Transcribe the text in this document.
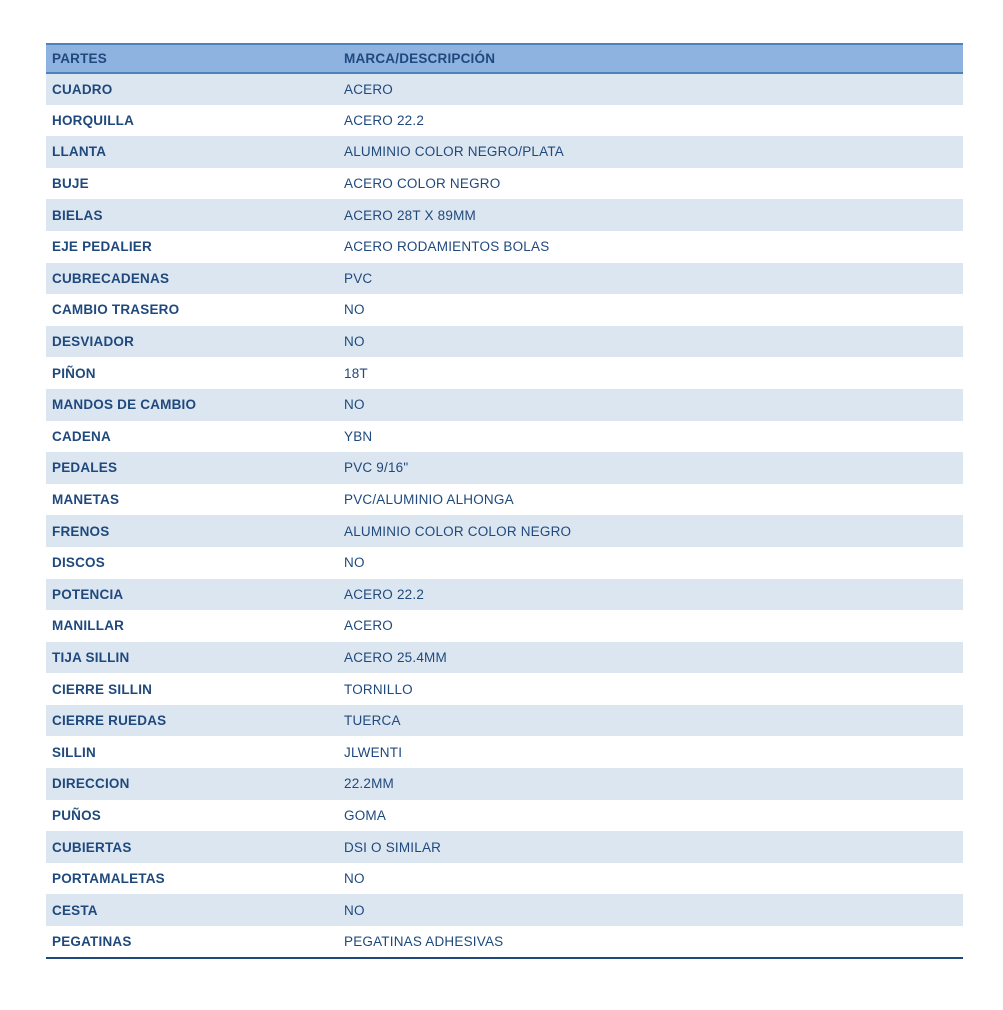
PARTES	MARCA/DESCRIPCIÓN
CUADRO	ACERO
HORQUILLA	ACERO 22.2
LLANTA	ALUMINIO COLOR NEGRO/PLATA
BUJE	ACERO COLOR NEGRO
BIELAS	ACERO 28T X 89MM
EJE PEDALIER	ACERO RODAMIENTOS BOLAS
CUBRECADENAS	PVC
CAMBIO TRASERO	NO
DESVIADOR	NO
PIÑON	18T
MANDOS DE CAMBIO	NO
CADENA	YBN
PEDALES	PVC 9/16"
MANETAS	PVC/ALUMINIO ALHONGA
FRENOS	ALUMINIO COLOR COLOR NEGRO
DISCOS	NO
POTENCIA	ACERO 22.2
MANILLAR	ACERO
TIJA SILLIN	ACERO 25.4MM
CIERRE SILLIN	TORNILLO
CIERRE RUEDAS	TUERCA
SILLIN	JLWENTI
DIRECCION	22.2MM
PUÑOS	GOMA
CUBIERTAS	DSI O SIMILAR
PORTAMALETAS	NO
CESTA	NO
PEGATINAS	PEGATINAS ADHESIVAS
